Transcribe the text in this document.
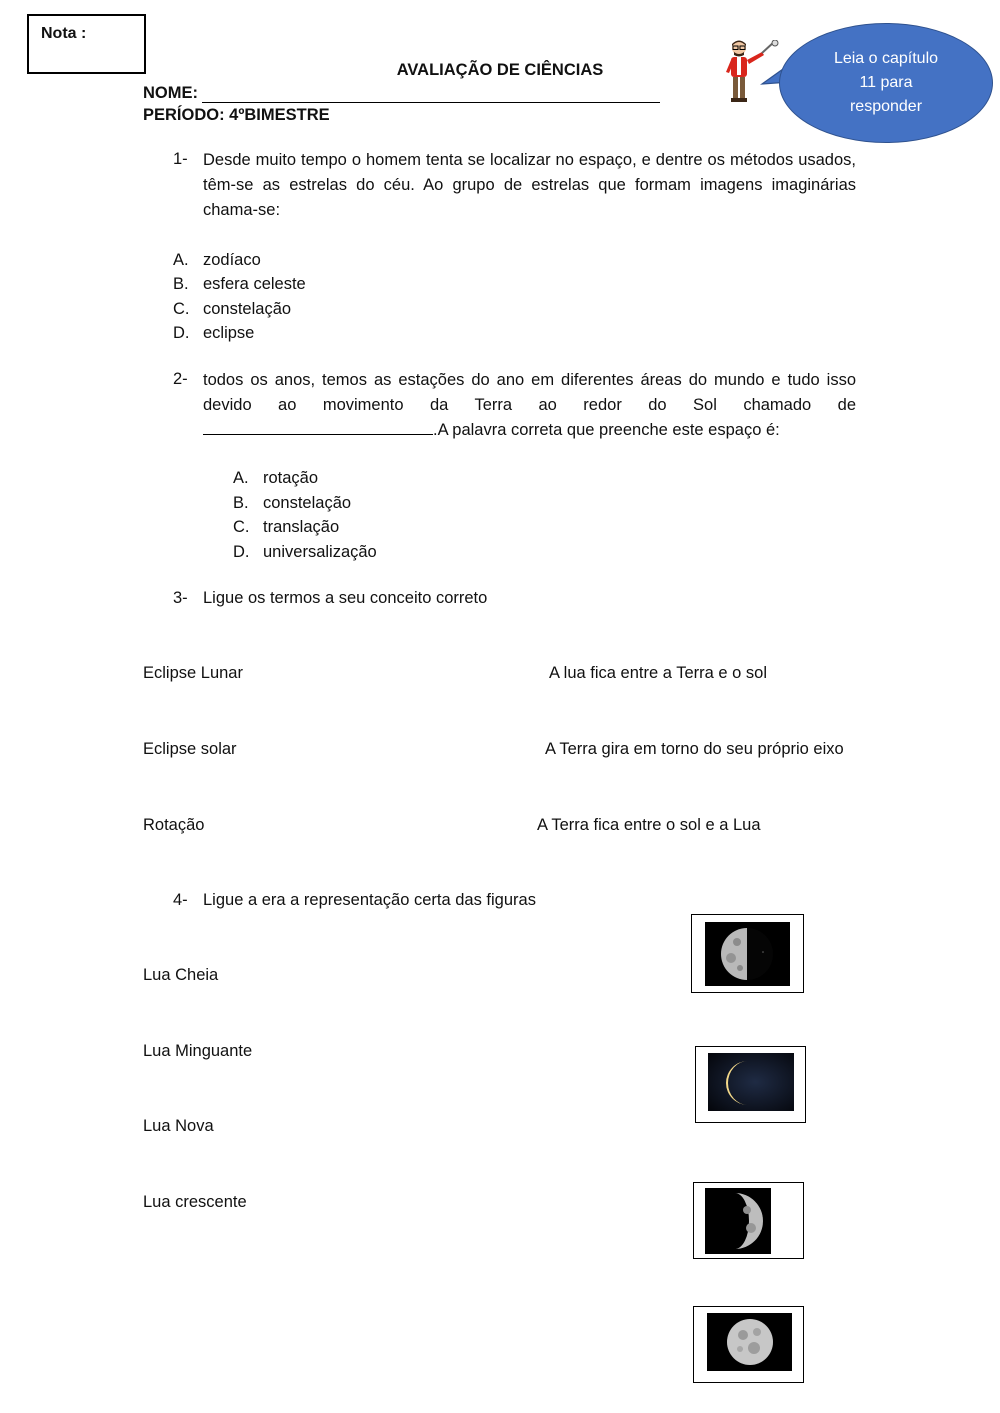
Nota :
AVALIAÇÃO DE CIÊNCIAS
NOME:
PERÍODO: 4ºBIMESTRE
Leia o capítulo
11 para
responder
1- Desde muito tempo o homem tenta se localizar no espaço, e dentre os métodos usados,
têm-se as estrelas do céu. Ao grupo de estrelas que formam imagens imaginárias
chama-se:
A. zodíaco
B. esfera celeste
C. constelação
D. eclipse
2- todos os anos, temos as estações do ano em diferentes áreas do mundo e tudo isso
devido ao movimento da Terra ao redor do Sol chamado de
.A palavra correta que preenche este espaço é:
A. rotação
B. constelação
C. translação
D. universalização
3- Ligue os termos a seu conceito correto
Eclipse Lunar
Eclipse solar
Rotação
A lua fica entre a Terra e o sol
A Terra gira em torno do seu próprio eixo
A Terra fica entre o sol e a Lua
4- Ligue a era a representação certa das figuras
Lua Cheia
Lua Minguante
Lua Nova
Lua crescente
